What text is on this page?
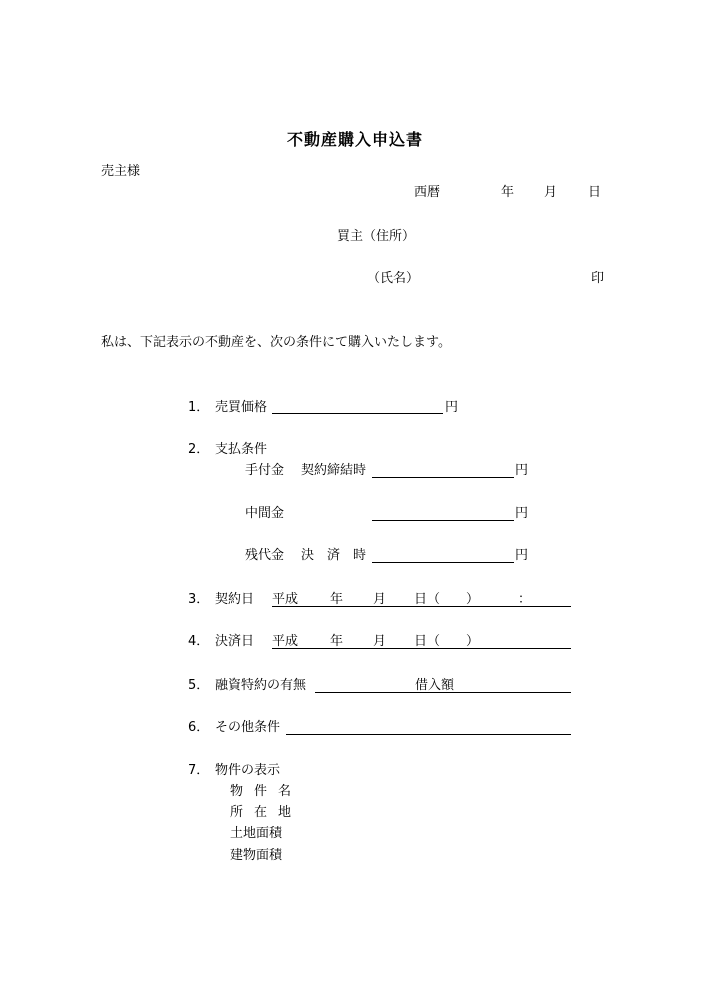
不動産購入申込書
売主様
西暦	年 月 日
買主（住所）
（氏名）	印
私は、下記表示の不動産を、次の条件にて購入いたします。
1． 売買価格	円
2． 支払条件
手付金 契約締結時	円
中間金	円
残代金 決　済　時	円
3． 契約日 平成 年 月 日（ ）	：
4． 決済日 平成 年 月 日（ ）
5． 融資特約の有無	借入額
6． その他条件
7． 物件の表示
物件名
所在地
土地面積
建物面積
